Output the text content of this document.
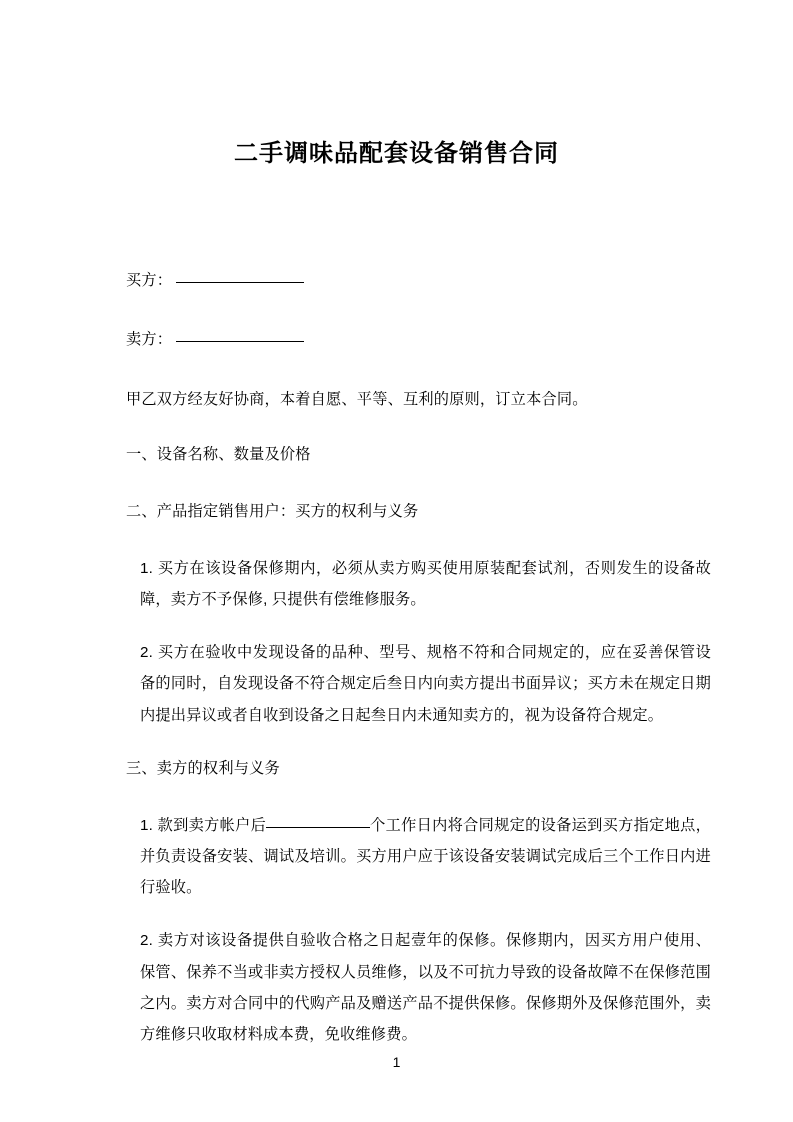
二手调味品配套设备销售合同

买方：

卖方：

甲乙双方经友好协商，本着自愿、平等、互利的原则，订立本合同。

一、设备名称、数量及价格

二、产品指定销售用户：买方的权利与义务

1. 买方在该设备保修期内，必须从卖方购买使用原装配套试剂，否则发生的设备故障，卖方不予保修, 只提供有偿维修服务。

2. 买方在验收中发现设备的品种、型号、规格不符和合同规定的，应在妥善保管设备的同时，自发现设备不符合规定后叁日内向卖方提出书面异议；买方未在规定日期内提出异议或者自收到设备之日起叁日内未通知卖方的，视为设备符合规定。

三、卖方的权利与义务

1. 款到卖方帐户后	个工作日内将合同规定的设备运到买方指定地点，并负责设备安装、调试及培训。买方用户应于该设备安装调试完成后三个工作日内进行验收。

2. 卖方对该设备提供自验收合格之日起壹年的保修。保修期内，因买方用户使用、保管、保养不当或非卖方授权人员维修，以及不可抗力导致的设备故障不在保修范围之内。卖方对合同中的代购产品及赠送产品不提供保修。保修期外及保修范围外，卖方维修只收取材料成本费，免收维修费。

1
